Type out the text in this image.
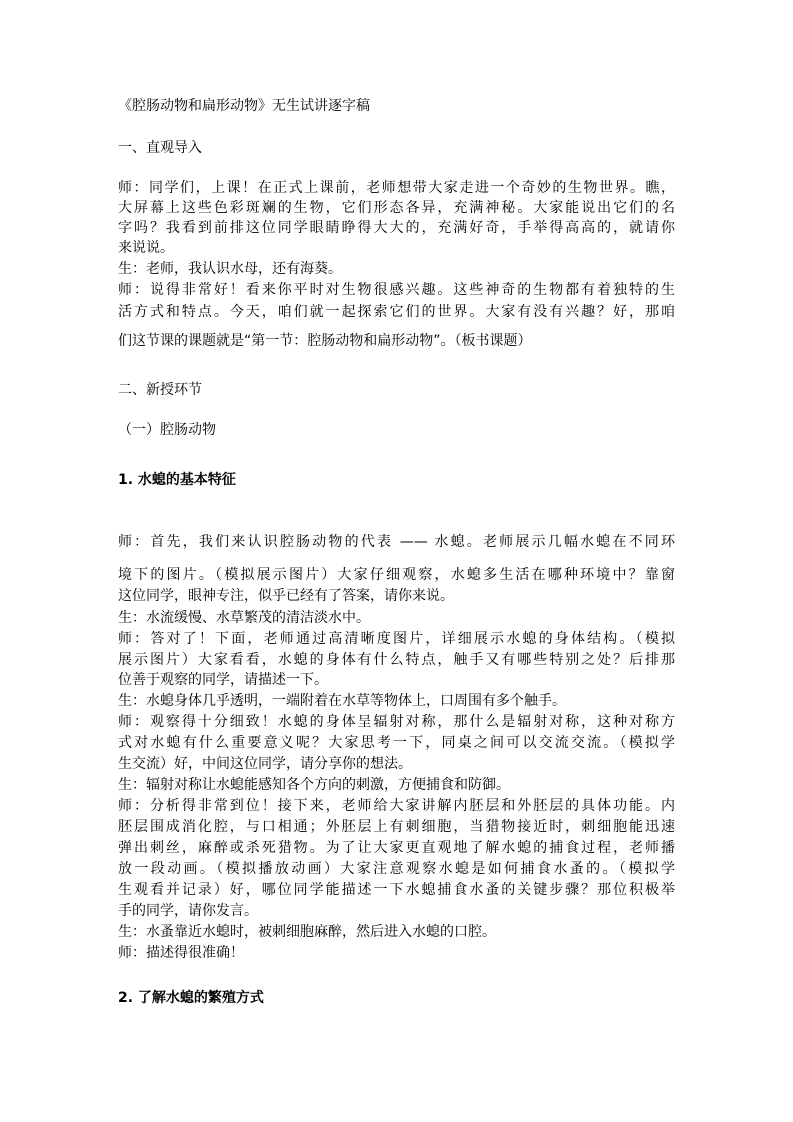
《腔肠动物和扁形动物》无生试讲逐字稿

一、直观导入

师：同学们，上课！在正式上课前，老师想带大家走进一个奇妙的生物世界。瞧，

大屏幕上这些色彩斑斓的生物，它们形态各异，充满神秘。大家能说出它们的名

字吗？我看到前排这位同学眼睛睁得大大的，充满好奇，手举得高高的，就请你

来说说。

生：老师，我认识水母，还有海葵。

师：说得非常好！看来你平时对生物很感兴趣。这些神奇的生物都有着独特的生

活方式和特点。今天，咱们就一起探索它们的世界。大家有没有兴趣？好，那咱

们这节课的课题就是“第一节：腔肠动物和扁形动物”。（板书课题）

二、新授环节

（一）腔肠动物

1. 水螅的基本特征

师：首先，我们来认识腔肠动物的代表 —— 水螅。老师展示几幅水螅在不同环

境下的图片。（模拟展示图片）大家仔细观察，水螅多生活在哪种环境中？靠窗

这位同学，眼神专注，似乎已经有了答案，请你来说。

生：水流缓慢、水草繁茂的清洁淡水中。

师：答对了！下面，老师通过高清晰度图片，详细展示水螅的身体结构。（模拟

展示图片）大家看看，水螅的身体有什么特点，触手又有哪些特别之处？后排那

位善于观察的同学，请描述一下。

生：水螅身体几乎透明，一端附着在水草等物体上，口周围有多个触手。

师：观察得十分细致！水螅的身体呈辐射对称，那什么是辐射对称，这种对称方

式对水螅有什么重要意义呢？大家思考一下，同桌之间可以交流交流。（模拟学

生交流）好，中间这位同学，请分享你的想法。

生：辐射对称让水螅能感知各个方向的刺激，方便捕食和防御。

师：分析得非常到位！接下来，老师给大家讲解内胚层和外胚层的具体功能。内

胚层围成消化腔，与口相通；外胚层上有刺细胞，当猎物接近时，刺细胞能迅速

弹出刺丝，麻醉或杀死猎物。为了让大家更直观地了解水螅的捕食过程，老师播

放一段动画。（模拟播放动画）大家注意观察水螅是如何捕食水蚤的。（模拟学

生观看并记录）好，哪位同学能描述一下水螅捕食水蚤的关键步骤？那位积极举

手的同学，请你发言。

生：水蚤靠近水螅时，被刺细胞麻醉，然后进入水螅的口腔。

师：描述得很准确！

2. 了解水螅的繁殖方式
